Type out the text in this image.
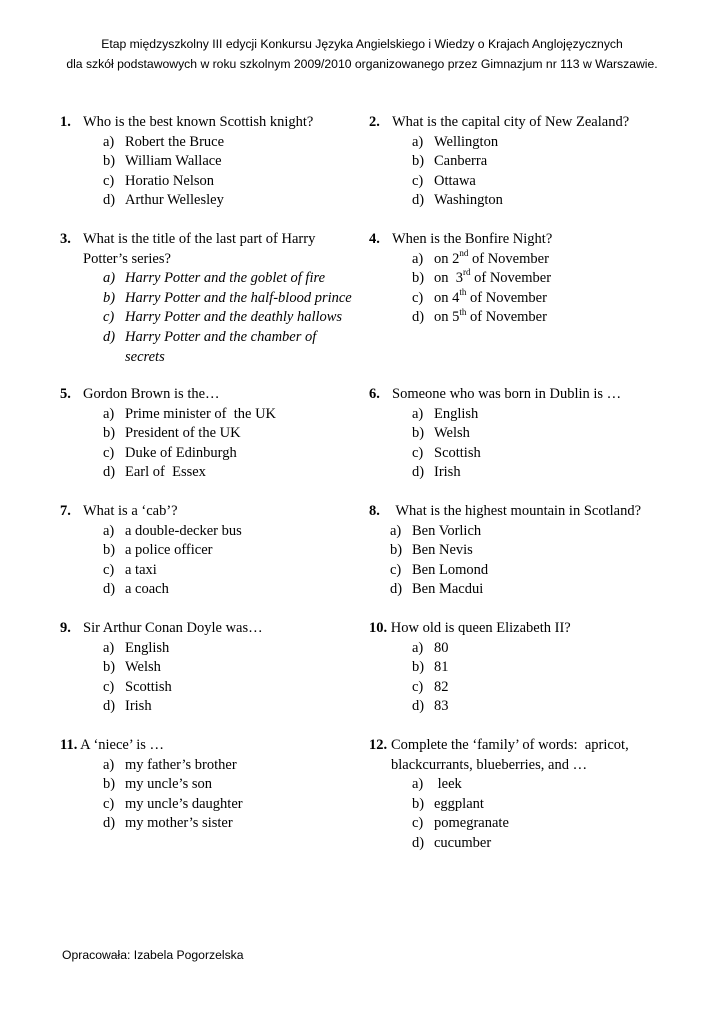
Etap międzyszkolny III edycji Konkursu Języka Angielskiego i Wiedzy o Krajach Anglojęzycznych
dla szkół podstawowych w roku szkolnym 2009/2010 organizowanego przez Gimnazjum nr 113 w Warszawie.
1. Who is the best known Scottish knight?
a) Robert the Bruce
b) William Wallace
c) Horatio Nelson
d) Arthur Wellesley
2. What is the capital city of New Zealand?
a) Wellington
b) Canberra
c) Ottawa
d) Washington
3. What is the title of the last part of Harry Potter’s series?
a) Harry Potter and the goblet of fire
b) Harry Potter and the half-blood prince
c) Harry Potter and the deathly hallows
d) Harry Potter and the chamber of secrets
4. When is the Bonfire Night?
a) on 2nd of November
b) on  3rd of November
c) on 4th of November
d) on 5th of November
5. Gordon Brown is the…
a) Prime minister of  the UK
b) President of the UK
c) Duke of Edinburgh
d) Earl of  Essex
6. Someone who was born in Dublin is …
a) English
b) Welsh
c) Scottish
d) Irish
7. What is a ‘cab’?
a) a double-decker bus
b) a police officer
c) a taxi
d) a coach
8. What is the highest mountain in Scotland?
a) Ben Vorlich
b) Ben Nevis
c) Ben Lomond
d) Ben Macdui
9. Sir Arthur Conan Doyle was…
a) English
b) Welsh
c) Scottish
d) Irish
10. How old is queen Elizabeth II?
a) 80
b) 81
c) 82
d) 83
11. A ‘niece’ is …
a) my father’s brother
b) my uncle’s son
c) my uncle’s daughter
d) my mother’s sister
12. Complete the ‘family’ of words:  apricot, blackcurrants, blueberries, and …
a) leek
b) eggplant
c) pomegranate
d) cucumber
Opracowała: Izabela Pogorzelska
